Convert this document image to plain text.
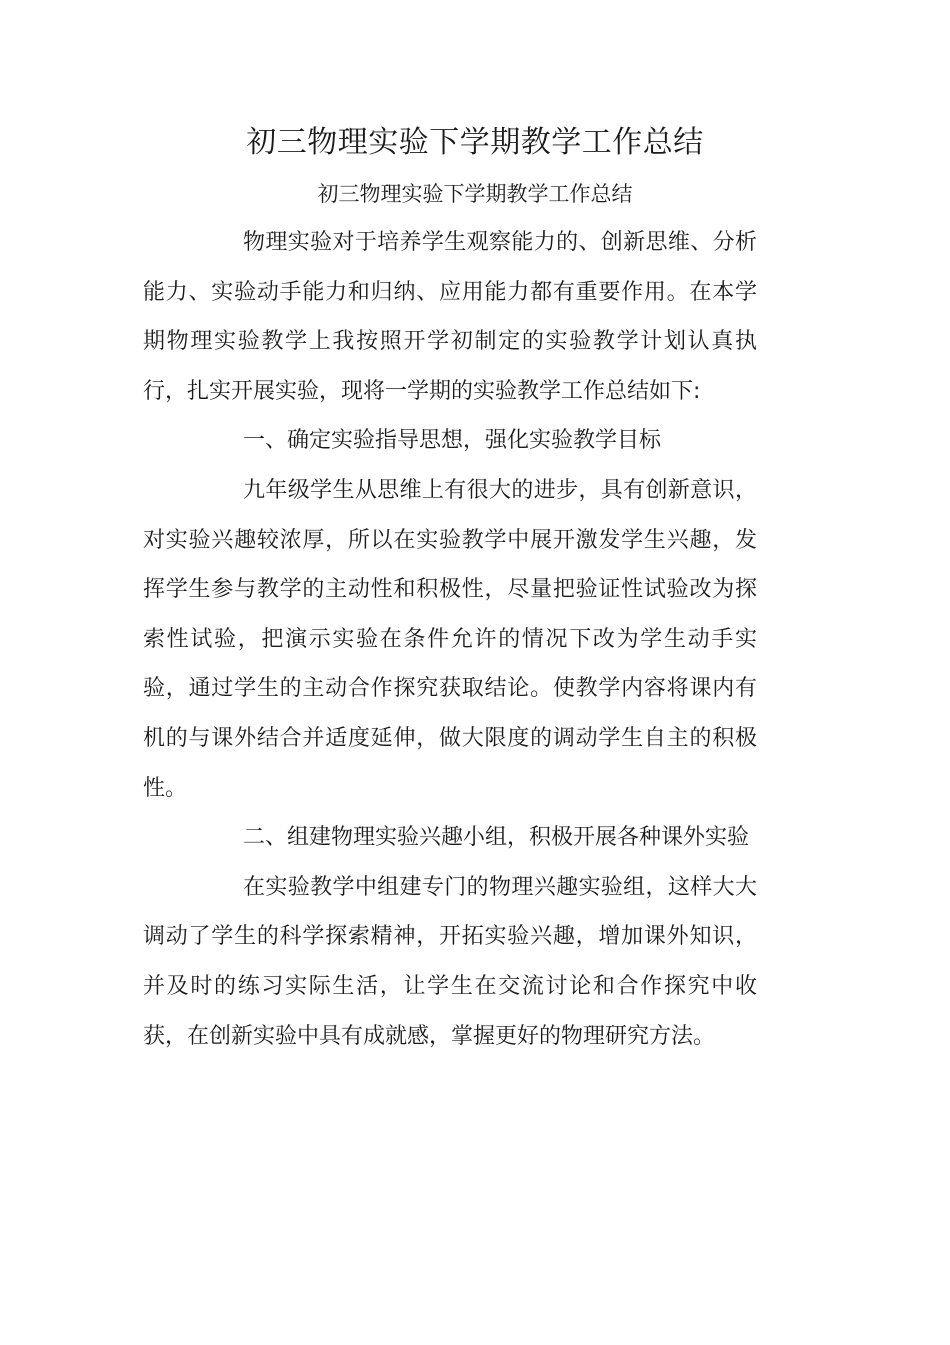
初三物理实验下学期教学工作总结
初三物理实验下学期教学工作总结

物理实验对于培养学生观察能力的、创新思维、分析能力、实验动手能力和归纳、应用能力都有重要作用。在本学期物理实验教学上我按照开学初制定的实验教学计划认真执行，扎实开展实验，现将一学期的实验教学工作总结如下:

一、确定实验指导思想，强化实验教学目标

九年级学生从思维上有很大的进步，具有创新意识，对实验兴趣较浓厚，所以在实验教学中展开激发学生兴趣，发挥学生参与教学的主动性和积极性，尽量把验证性试验改为探索性试验，把演示实验在条件允许的情况下改为学生动手实验，通过学生的主动合作探究获取结论。使教学内容将课内有机的与课外结合并适度延伸，做大限度的调动学生自主的积极性。

二、组建物理实验兴趣小组，积极开展各种课外实验

在实验教学中组建专门的物理兴趣实验组，这样大大调动了学生的科学探索精神，开拓实验兴趣，增加课外知识，并及时的练习实际生活，让学生在交流讨论和合作探究中收获，在创新实验中具有成就感，掌握更好的物理研究方法。
